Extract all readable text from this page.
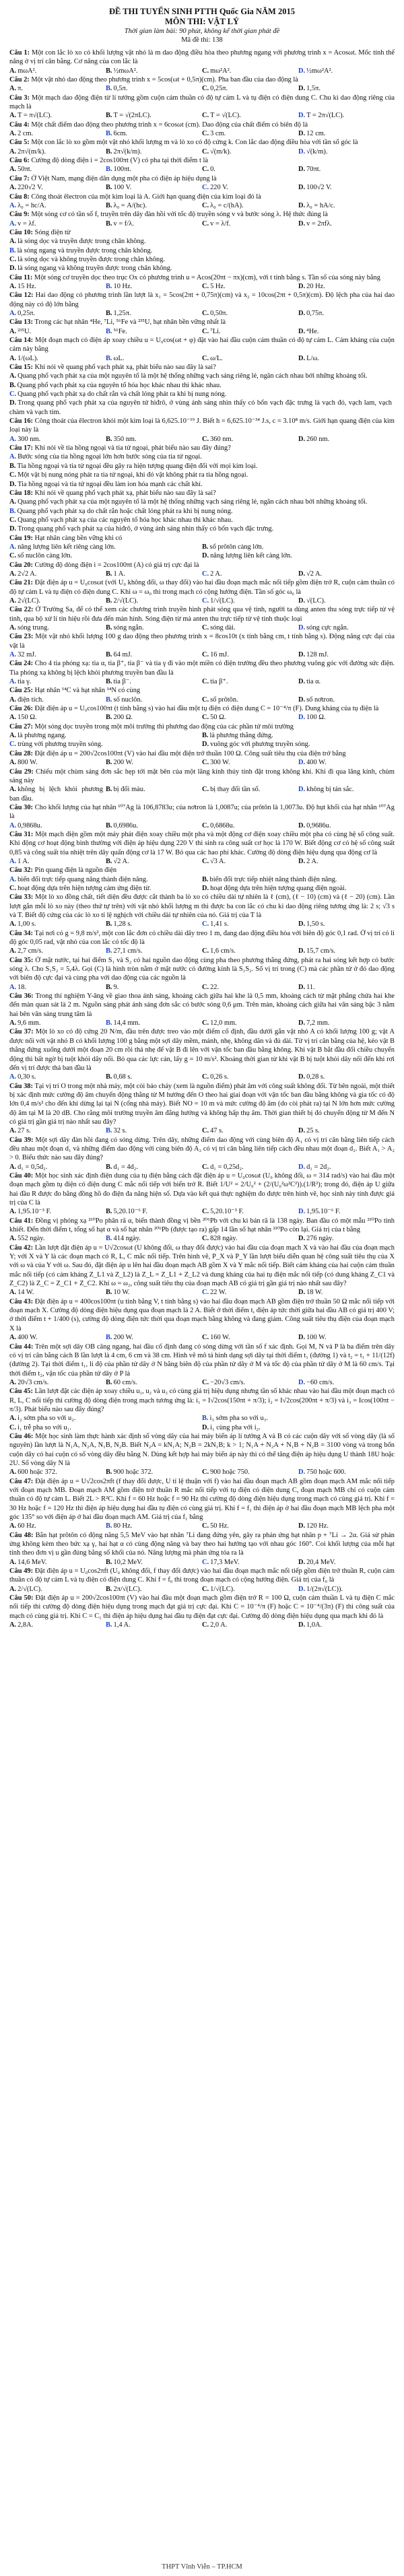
ĐỀ THI TUYỂN SINH PTTH Quốc Gia NĂM 2015
MÔN THI: VẬT LÝ
Thời gian làm bài: 90 phút, không kể thời gian phát đề
Mã đề thi: 138
Câu 1: Một con lắc lò xo có khối lượng vật nhỏ là m dao động điều hòa theo phương ngang với phương trình x = Acosωt. Mốc tính thế năng ở vị trí cân bằng. Cơ năng của con lắc là
A. mωA².	B. ½mωA².	C. mω²A².	D. ½mω²A².
Câu 2: Một vật nhỏ dao động theo phương trình x = 5cos(ωt + 0,5π)(cm). Pha ban đầu của dao động là
A. π.	B. 0,5π.	C. 0,25π.	D. 1,5π.
Câu 3: Một mạch dao động điện từ lí tưởng gồm cuộn cảm thuần có độ tự cảm L và tụ điện có điện dung C. Chu kì dao động riêng của mạch là
A. T = π√(LC).	B. T = √(2πLC).	C. T = √(LC).	D. T = 2π√(LC).
Câu 4: Một chất điểm dao động theo phương trình x = 6cosωt (cm). Dao động của chất điểm có biên độ là
A. 2 cm.	B. 6cm.	C. 3 cm.	D. 12 cm.
Câu 5: Một con lắc lò xo gồm một vật nhỏ khối lượng m và lò xo có độ cứng k. Con lắc dao động điều hòa với tần số góc là
A. 2π√(m/k).	B. 2π√(k/m).	C. √(m/k).	D. √(k/m).
Câu 6: Cường độ dòng điện i = 2cos100πt (V) có pha tại thời điểm t là
A. 50πt.	B. 100πt.	C. 0.	D. 70πt.
Câu 7: Ở Việt Nam, mạng điện dân dụng một pha có điện áp hiệu dụng là
A. 220√2 V.	B. 100 V.	C. 220 V.	D. 100√2 V.
Câu 8: Công thoát êlectron của một kim loại là A. Giới hạn quang điện của kim loại đó là
A. λ₀ = hc/A.	B. λ₀ = A/(hc).	C. λ₀ = c/(hA).	D. λ₀ = hA/c.
Câu 9: Một sóng cơ có tần số f, truyền trên dây đàn hồi với tốc độ truyền sóng v và bước sóng λ. Hệ thức đúng là
A. v = λf.	B. v = f/λ.	C. v = λ/f.	D. v = 2πfλ.
Câu 10: Sóng điện từ
A. là sóng dọc và truyền được trong chân không.
B. là sóng ngang và truyền được trong chân không.
C. là sóng dọc và không truyền được trong chân không.
D. là sóng ngang và không truyền được trong chân không.
Câu 11: Một sóng cơ truyền dọc theo trục Ox có phương trình u = Acos(20πt − πx)(cm), với t tính bằng s. Tần số của sóng này bằng
A. 15 Hz.	B. 10 Hz.	C. 5 Hz.	D. 20 Hz.
Câu 12: Hai dao động có phương trình lần lượt là x₁ = 5cos(2πt + 0,75π)(cm) và x₂ = 10cos(2πt + 0,5π)(cm). Độ lệch pha của hai dao động này có độ lớn bằng
A. 0,25π.	B. 1,25π.	C. 0,50π.	D. 0,75π.
Câu 13: Trong các hạt nhân ⁴He, ⁷Li, ⁵⁶Fe và ²³⁵U, hạt nhân bền vững nhất là
A. ²³⁵U.	B. ⁵⁶Fe.	C. ⁷Li.	D. ⁴He.
Câu 14: Một đoạn mạch có điện áp xoay chiều u = U₀cos(ωt + φ) đặt vào hai đầu cuộn cảm thuần có độ tự cảm L. Cảm kháng của cuộn cảm này bằng
A. 1/(ωL).	B. ωL.	C. ω/L.	D. L/ω.
Câu 15: Khi nói về quang phổ vạch phát xạ, phát biểu nào sau đây là sai?
A. Quang phổ vạch phát xạ của một nguyên tố là một hệ thống những vạch sáng riêng lẻ, ngăn cách nhau bởi những khoảng tối.
B. Quang phổ vạch phát xạ của nguyên tố hóa học khác nhau thì khác nhau.
C. Quang phổ vạch phát xạ do chất rắn và chất lỏng phát ra khi bị nung nóng.
D. Trong quang phổ vạch phát xạ của nguyên tử hiđrô, ở vùng ánh sáng nhìn thấy có bốn vạch đặc trưng là vạch đỏ, vạch lam, vạch chàm và vạch tím.
Câu 16: Công thoát của êlectron khỏi một kim loại là 6,625.10⁻¹⁹ J. Biết h = 6,625.10⁻³⁴ J.s, c = 3.10⁸ m/s. Giới hạn quang điện của kim loại này là
A. 300 nm.	B. 350 nm.	C. 360 nm.	D. 260 nm.
Câu 17: Khi nói về tia hồng ngoại và tia tử ngoại, phát biểu nào sau đây đúng?
A. Bước sóng của tia hồng ngoại lớn hơn bước sóng của tia tử ngoại.
B. Tia hồng ngoại và tia tử ngoại đều gây ra hiện tượng quang điện đối với mọi kim loại.
C. Một vật bị nung nóng phát ra tia tử ngoại, khi đó vật không phát ra tia hồng ngoại.
D. Tia hồng ngoại và tia tử ngoại đều làm ion hóa mạnh các chất khí.
Câu 18: Khi nói về quang phổ vạch phát xạ, phát biểu nào sau đây là sai?
A. Quang phổ vạch phát xạ của một nguyên tố là một hệ thống những vạch sáng riêng lẻ, ngăn cách nhau bởi những khoảng tối.
B. Quang phổ vạch phát xạ do chất rắn hoặc chất lỏng phát ra khi bị nung nóng.
C. Quang phổ vạch phát xạ của các nguyên tố hóa học khác nhau thì khác nhau.
D. Trong quang phổ vạch phát xạ của hiđrô, ở vùng ánh sáng nhìn thấy có bốn vạch đặc trưng.
Câu 19: Hạt nhân càng bền vững khi có
A. năng lượng liên kết riêng càng lớn.	B. số prôtôn càng lớn.
C. số nuclôn càng lớn.	D. năng lượng liên kết càng lớn.
Câu 20: Cường độ dòng điện i = 2cos100πt (A) có giá trị cực đại là
A. 2√2 A.	B. 1 A.	C. 2 A.	D. √2 A.
Câu 21: Đặt điện áp u = U₀cosωt (với U₀ không đổi, ω thay đổi) vào hai đầu đoạn mạch mắc nối tiếp gồm điện trở R, cuộn cảm thuần có độ tự cảm L và tụ điện có điện dung C. Khi ω = ω₀ thì trong mạch có cộng hưởng điện. Tần số góc ω₀ là
A. 2√(LC).	B. 2/√(LC).	C. 1/√(LC).	D. √(LC).
Câu 22: Ở Trường Sa, để có thể xem các chương trình truyền hình phát sóng qua vệ tinh, người ta dùng anten thu sóng trực tiếp từ vệ tinh, qua bộ xử lí tín hiệu rồi đưa đến màn hình. Sóng điện từ mà anten thu trực tiếp từ vệ tinh thuộc loại
A. sóng trung.	B. sóng ngắn.	C. sóng dài.	D. sóng cực ngắn.
Câu 23: Một vật nhỏ khối lượng 100 g dao động theo phương trình x = 8cos10t (x tính bằng cm, t tính bằng s). Động năng cực đại của vật là
A. 32 mJ.	B. 64 mJ.	C. 16 mJ.	D. 128 mJ.
Câu 24: Cho 4 tia phóng xạ: tia α, tia β⁺, tia β⁻ và tia γ đi vào một miền có điện trường đều theo phương vuông góc với đường sức điện. Tia phóng xạ không bị lệch khỏi phương truyền ban đầu là
A. tia γ.	B. tia β⁻.	C. tia β⁺.	D. tia α.
Câu 25: Hạt nhân ¹⁴C và hạt nhân ¹⁴N có cùng
A. điện tích.	B. số nuclôn.	C. số prôtôn.	D. số nơtron.
Câu 26: Đặt điện áp u = U₀cos100πt (t tính bằng s) vào hai đầu một tụ điện có điện dung C = 10⁻⁴/π (F). Dung kháng của tụ điện là
A. 150 Ω.	B. 200 Ω.	C. 50 Ω.	D. 100 Ω.
Câu 27: Một sóng dọc truyền trong một môi trường thì phương dao động của các phần tử môi trường
A. là phương ngang.	B. là phương thẳng đứng.
C. trùng với phương truyền sóng.	D. vuông góc với phương truyền sóng.
Câu 28: Đặt điện áp u = 200√2cos100πt (V) vào hai đầu một điện trở thuần 100 Ω. Công suất tiêu thụ của điện trở bằng
A. 800 W.	B. 200 W.	C. 300 W.	D. 400 W.
Câu 29: Chiếu một chùm sáng đơn sắc hẹp tới mặt bên của một lăng kính thủy tinh đặt trong không khí. Khi đi qua lăng kính, chùm sáng này
A. không bị lệch khỏi phương ban đầu.
B. bị đổi màu.	C. bị thay đổi tần số.	D. không bị tán sắc.
Câu 30: Cho khối lượng của hạt nhân ¹⁰⁷Ag là 106,8783u; của nơtron là 1,0087u; của prôtôn là 1,0073u. Độ hụt khối của hạt nhân ¹⁰⁷Ag là
A. 0,9868u.	B. 0,6986u.	C. 0,6868u.	D. 0,9686u.
Câu 31: Một mạch điện gồm một máy phát điện xoay chiều một pha và một động cơ điện xoay chiều một pha có cùng hệ số công suất. Khi động cơ hoạt động bình thường với điện áp hiệu dụng 220 V thì sinh ra công suất cơ học là 170 W. Biết động cơ có hệ số công suất 0,85 và công suất tỏa nhiệt trên dây quấn động cơ là 17 W. Bỏ qua các hao phí khác. Cường độ dòng điện hiệu dụng qua động cơ là
A. 1 A.	B. √2 A.	C. √3 A.	D. 2 A.
Câu 32: Pin quang điện là nguồn điện
A. biến đổi trực tiếp quang năng thành điện năng.	B. biến đổi trực tiếp nhiệt năng thành điện năng.
C. hoạt động dựa trên hiện tượng cảm ứng điện từ.	D. hoạt động dựa trên hiện tượng quang điện ngoài.
Câu 33: Một lò xo đồng chất, tiết diện đều được cắt thành ba lò xo có chiều dài tự nhiên là ℓ (cm), (ℓ − 10) (cm) và (ℓ − 20) (cm). Lần lượt gắn mỗi lò xo này (theo thứ tự trên) với vật nhỏ khối lượng m thì được ba con lắc có chu kì dao động riêng tương ứng là: 2 s; √3 s và T. Biết độ cứng của các lò xo tỉ lệ nghịch với chiều dài tự nhiên của nó. Giá trị của T là
A. 1,00 s.	B. 1,28 s.	C. 1,41 s.	D. 1,50 s.
Câu 34: Tại nơi có g = 9,8 m/s², một con lắc đơn có chiều dài dây treo 1 m, đang dao động điều hòa với biên độ góc 0,1 rad. Ở vị trí có li độ góc 0,05 rad, vật nhỏ của con lắc có tốc độ là
A. 2,7 cm/s.	B. 27,1 cm/s.	C. 1,6 cm/s.	D. 15,7 cm/s.
Câu 35: Ở mặt nước, tại hai điểm S₁ và S₂ có hai nguồn dao động cùng pha theo phương thẳng đứng, phát ra hai sóng kết hợp có bước sóng λ. Cho S₁S₂ = 5,4λ. Gọi (C) là hình tròn nằm ở mặt nước có đường kính là S₁S₂. Số vị trí trong (C) mà các phần tử ở đó dao động với biên độ cực đại và cùng pha với dao động của các nguồn là
A. 18.	B. 9.	C. 22.	D. 11.
Câu 36: Trong thí nghiệm Y-âng về giao thoa ánh sáng, khoảng cách giữa hai khe là 0,5 mm, khoảng cách từ mặt phẳng chứa hai khe đến màn quan sát là 2 m. Nguồn sáng phát ánh sáng đơn sắc có bước sóng 0,6 μm. Trên màn, khoảng cách giữa hai vân sáng bậc 3 nằm hai bên vân sáng trung tâm là
A. 9,6 mm.	B. 14,4 mm.	C. 12,0 mm.	D. 7,2 mm.
Câu 37: Một lò xo có độ cứng 20 N/m, đầu trên được treo vào một điểm cố định, đầu dưới gắn vật nhỏ A có khối lượng 100 g; vật A được nối với vật nhỏ B có khối lượng 100 g bằng một sợi dây mềm, mảnh, nhẹ, không dãn và đủ dài. Từ vị trí cân bằng của hệ, kéo vật B thẳng đứng xuống dưới một đoạn 20 cm rồi thả nhẹ để vật B đi lên với vận tốc ban đầu bằng không. Khi vật B bắt đầu đổi chiều chuyển động thì bất ngờ bị tuột khỏi dây nối. Bỏ qua các lực cản, lấy g = 10 m/s². Khoảng thời gian từ khi vật B bị tuột khỏi dây nối đến khi rơi đến vị trí được thả ban đầu là
A. 0,30 s.	B. 0,68 s.	C. 0,26 s.	D. 0,28 s.
Câu 38: Tại vị trí O trong một nhà máy, một còi báo cháy (xem là nguồn điểm) phát âm với công suất không đổi. Từ bên ngoài, một thiết bị xác định mức cường độ âm chuyển động thẳng từ M hướng đến O theo hai giai đoạn với vận tốc ban đầu bằng không và gia tốc có độ lớn 0,4 m/s² cho đến khi dừng lại tại N (cổng nhà máy). Biết NO = 10 m và mức cường độ âm (do còi phát ra) tại N lớn hơn mức cường độ âm tại M là 20 dB. Cho rằng môi trường truyền âm đẳng hướng và không hấp thụ âm. Thời gian thiết bị đó chuyển động từ M đến N có giá trị gần giá trị nào nhất sau đây?
A. 27 s.	B. 32 s.	C. 47 s.	D. 25 s.
Câu 39: Một sợi dây đàn hồi đang có sóng dừng. Trên dây, những điểm dao động với cùng biên độ A₁ có vị trí cân bằng liên tiếp cách đều nhau một đoạn d₁ và những điểm dao động với cùng biên độ A₂ có vị trí cân bằng liên tiếp cách đều nhau một đoạn d₂. Biết A₁ > A₂ > 0. Biểu thức nào sau đây đúng?
A. d₁ = 0,5d₂.	B. d₁ = 4d₂.	C. d₁ = 0,25d₂.	D. d₁ = 2d₂.
Câu 40: Một học sinh xác định điện dung của tụ điện bằng cách đặt điện áp u = U₀cosωt (U₀ không đổi, ω = 314 rad/s) vào hai đầu một đoạn mạch gồm tụ điện có điện dung C mắc nối tiếp với biến trở R. Biết 1/U² = 2/U₀² + (2/(U₀²ω²C²)).(1/R²); trong đó, điện áp U giữa hai đầu R được đo bằng đồng hồ đo điện đa năng hiện số. Dựa vào kết quả thực nghiệm đo được trên hình vẽ, học sinh này tính được giá trị của C là
A. 1,95.10⁻³ F.	B. 5,20.10⁻⁶ F.	C. 5,20.10⁻³ F.	D. 1,95.10⁻⁶ F.
Câu 41: Đồng vị phóng xạ ²¹⁰Po phân rã α, biến thành đồng vị bền ²⁰⁶Pb với chu kì bán rã là 138 ngày. Ban đầu có một mẫu ²¹⁰Po tinh khiết. Đến thời điểm t, tổng số hạt α và số hạt nhân ²⁰⁶Pb (được tạo ra) gấp 14 lần số hạt nhân ²¹⁰Po còn lại. Giá trị của t bằng
A. 552 ngày.	B. 414 ngày.	C. 828 ngày.	D. 276 ngày.
Câu 42: Lần lượt đặt điện áp u = U√2cosωt (U không đổi, ω thay đổi được) vào hai đầu của đoạn mạch X và vào hai đầu của đoạn mạch Y; với X và Y là các đoạn mạch có R, L, C mắc nối tiếp. Trên hình vẽ, P_X và P_Y lần lượt biểu diễn quan hệ công suất tiêu thụ của X với ω và của Y với ω. Sau đó, đặt điện áp u lên hai đầu đoạn mạch AB gồm X và Y mắc nối tiếp. Biết cảm kháng của hai cuộn cảm thuần mắc nối tiếp (có cảm kháng Z_L1 và Z_L2) là Z_L = Z_L1 + Z_L2 và dung kháng của hai tụ điện mắc nối tiếp (có dung kháng Z_C1 và Z_C2) là Z_C = Z_C1 + Z_C2. Khi ω = ω₂, công suất tiêu thụ của đoạn mạch AB có giá trị gần giá trị nào nhất sau đây?
A. 14 W.	B. 10 W.	C. 22 W.	D. 18 W.
Câu 43: Đặt điện áp u = 400cos100πt (u tính bằng V, t tính bằng s) vào hai đầu đoạn mạch AB gồm điện trở thuần 50 Ω mắc nối tiếp với đoạn mạch X. Cường độ dòng điện hiệu dụng qua đoạn mạch là 2 A. Biết ở thời điểm t, điện áp tức thời giữa hai đầu AB có giá trị 400 V; ở thời điểm t + 1/400 (s), cường độ dòng điện tức thời qua đoạn mạch bằng không và đang giảm. Công suất tiêu thụ điện của đoạn mạch X là
A. 400 W.	B. 200 W.	C. 160 W.	D. 100 W.
Câu 44: Trên một sợi dây OB căng ngang, hai đầu cố định đang có sóng dừng với tần số f xác định. Gọi M, N và P là ba điểm trên dây có vị trí cân bằng cách B lần lượt là 4 cm, 6 cm và 38 cm. Hình vẽ mô tả hình dạng sợi dây tại thời điểm t₁ (đường 1) và t₂ = t₁ + 11/(12f) (đường 2). Tại thời điểm t₁, li độ của phần tử dây ở N bằng biên độ của phần tử dây ở M và tốc độ của phần tử dây ở M là 60 cm/s. Tại thời điểm t₂, vận tốc của phần tử dây ở P là
A. 20√3 cm/s.	B. 60 cm/s.	C. −20√3 cm/s.	D. −60 cm/s.
Câu 45: Lần lượt đặt các điện áp xoay chiều u₁, u₂ và u₃ có cùng giá trị hiệu dụng nhưng tần số khác nhau vào hai đầu một đoạn mạch có R, L, C nối tiếp thì cường độ dòng điện trong mạch tương ứng là: i₁ = I√2cos(150πt + π/3); i₂ = I√2cos(200πt + π/3) và i₃ = Icos(100πt − π/3). Phát biểu nào sau đây đúng?
A. i₂ sớm pha so với u₂.	B. i₃ sớm pha so với u₃.
C. i₁ trễ pha so với u₁.	D. i₁ cùng pha với i₂.
Câu 46: Một học sinh làm thực hành xác định số vòng dây của hai máy biến áp lí tưởng A và B có các cuộn dây với số vòng dây (là số nguyên) lần lượt là N₁A, N₂A, N₁B, N₂B. Biết N₂A = kN₁A; N₂B = 2kN₁B; k > 1; N₁A + N₂A + N₁B + N₂B = 3100 vòng và trong bốn cuộn dây có hai cuộn có số vòng dây đều bằng N. Dùng kết hợp hai máy biến áp này thì có thể tăng điện áp hiệu dụng U thành 18U hoặc 2U. Số vòng dây N là
A. 600 hoặc 372.	B. 900 hoặc 372.	C. 900 hoặc 750.	D. 750 hoặc 600.
Câu 47: Đặt điện áp u = U√2cos2πft (f thay đổi được, U tỉ lệ thuận với f) vào hai đầu đoạn mạch AB gồm đoạn mạch AM mắc nối tiếp với đoạn mạch MB. Đoạn mạch AM gồm điện trở thuần R mắc nối tiếp với tụ điện có điện dung C, đoạn mạch MB chỉ có cuộn cảm thuần có độ tự cảm L. Biết 2L > R²C. Khi f = 60 Hz hoặc f = 90 Hz thì cường độ dòng điện hiệu dụng trong mạch có cùng giá trị. Khi f = 30 Hz hoặc f = 120 Hz thì điện áp hiệu dụng hai đầu tụ điện có cùng giá trị. Khi f = f₁ thì điện áp ở hai đầu đoạn mạch MB lệch pha một góc 135° so với điện áp ở hai đầu đoạn mạch AM. Giá trị của f₁ bằng
A. 60 Hz.	B. 80 Hz.	C. 50 Hz.	D. 120 Hz.
Câu 48: Bắn hạt prôtôn có động năng 5,5 MeV vào hạt nhân ⁷Li đang đứng yên, gây ra phản ứng hạt nhân p + ⁷Li → 2α. Giả sử phản ứng không kèm theo bức xạ γ, hai hạt α có cùng động năng và bay theo hai hướng tạo với nhau góc 160°. Coi khối lượng của mỗi hạt tính theo đơn vị u gần đúng bằng số khối của nó. Năng lượng mà phản ứng tỏa ra là
A. 14,6 MeV.	B. 10,2 MeV.	C. 17,3 MeV.	D. 20,4 MeV.
Câu 49: Đặt điện áp u = U₀cos2πft (U₀ không đổi, f thay đổi được) vào hai đầu đoạn mạch mắc nối tiếp gồm điện trở thuần R, cuộn cảm thuần có độ tự cảm L và tụ điện có điện dung C. Khi f = f₀ thì trong đoạn mạch có cộng hưởng điện. Giá trị của f₀ là
A. 2/√(LC).	B. 2π/√(LC).	C. 1/√(LC).	D. 1/(2π√(LC)).
Câu 50: Đặt điện áp u = 200√2cos100πt (V) vào hai đầu một đoạn mạch gồm điện trở R = 100 Ω, cuộn cảm thuần L và tụ điện C mắc nối tiếp thì cường độ dòng điện hiệu dụng trong mạch đạt giá trị cực đại. Khi C = 10⁻⁴/π (F) hoặc C = 10⁻⁴/(3π) (F) thì công suất của mạch có cùng giá trị. Khi C = C₁ thì điện áp hiệu dụng hai đầu tụ điện đạt cực đại. Cường độ dòng điện hiệu dụng qua mạch khi đó là
A. 2,8A.	B. 1,4 A.	C. 2,0 A.	D. 1,0A.
THPT Vĩnh Viễn – TP.HCM
